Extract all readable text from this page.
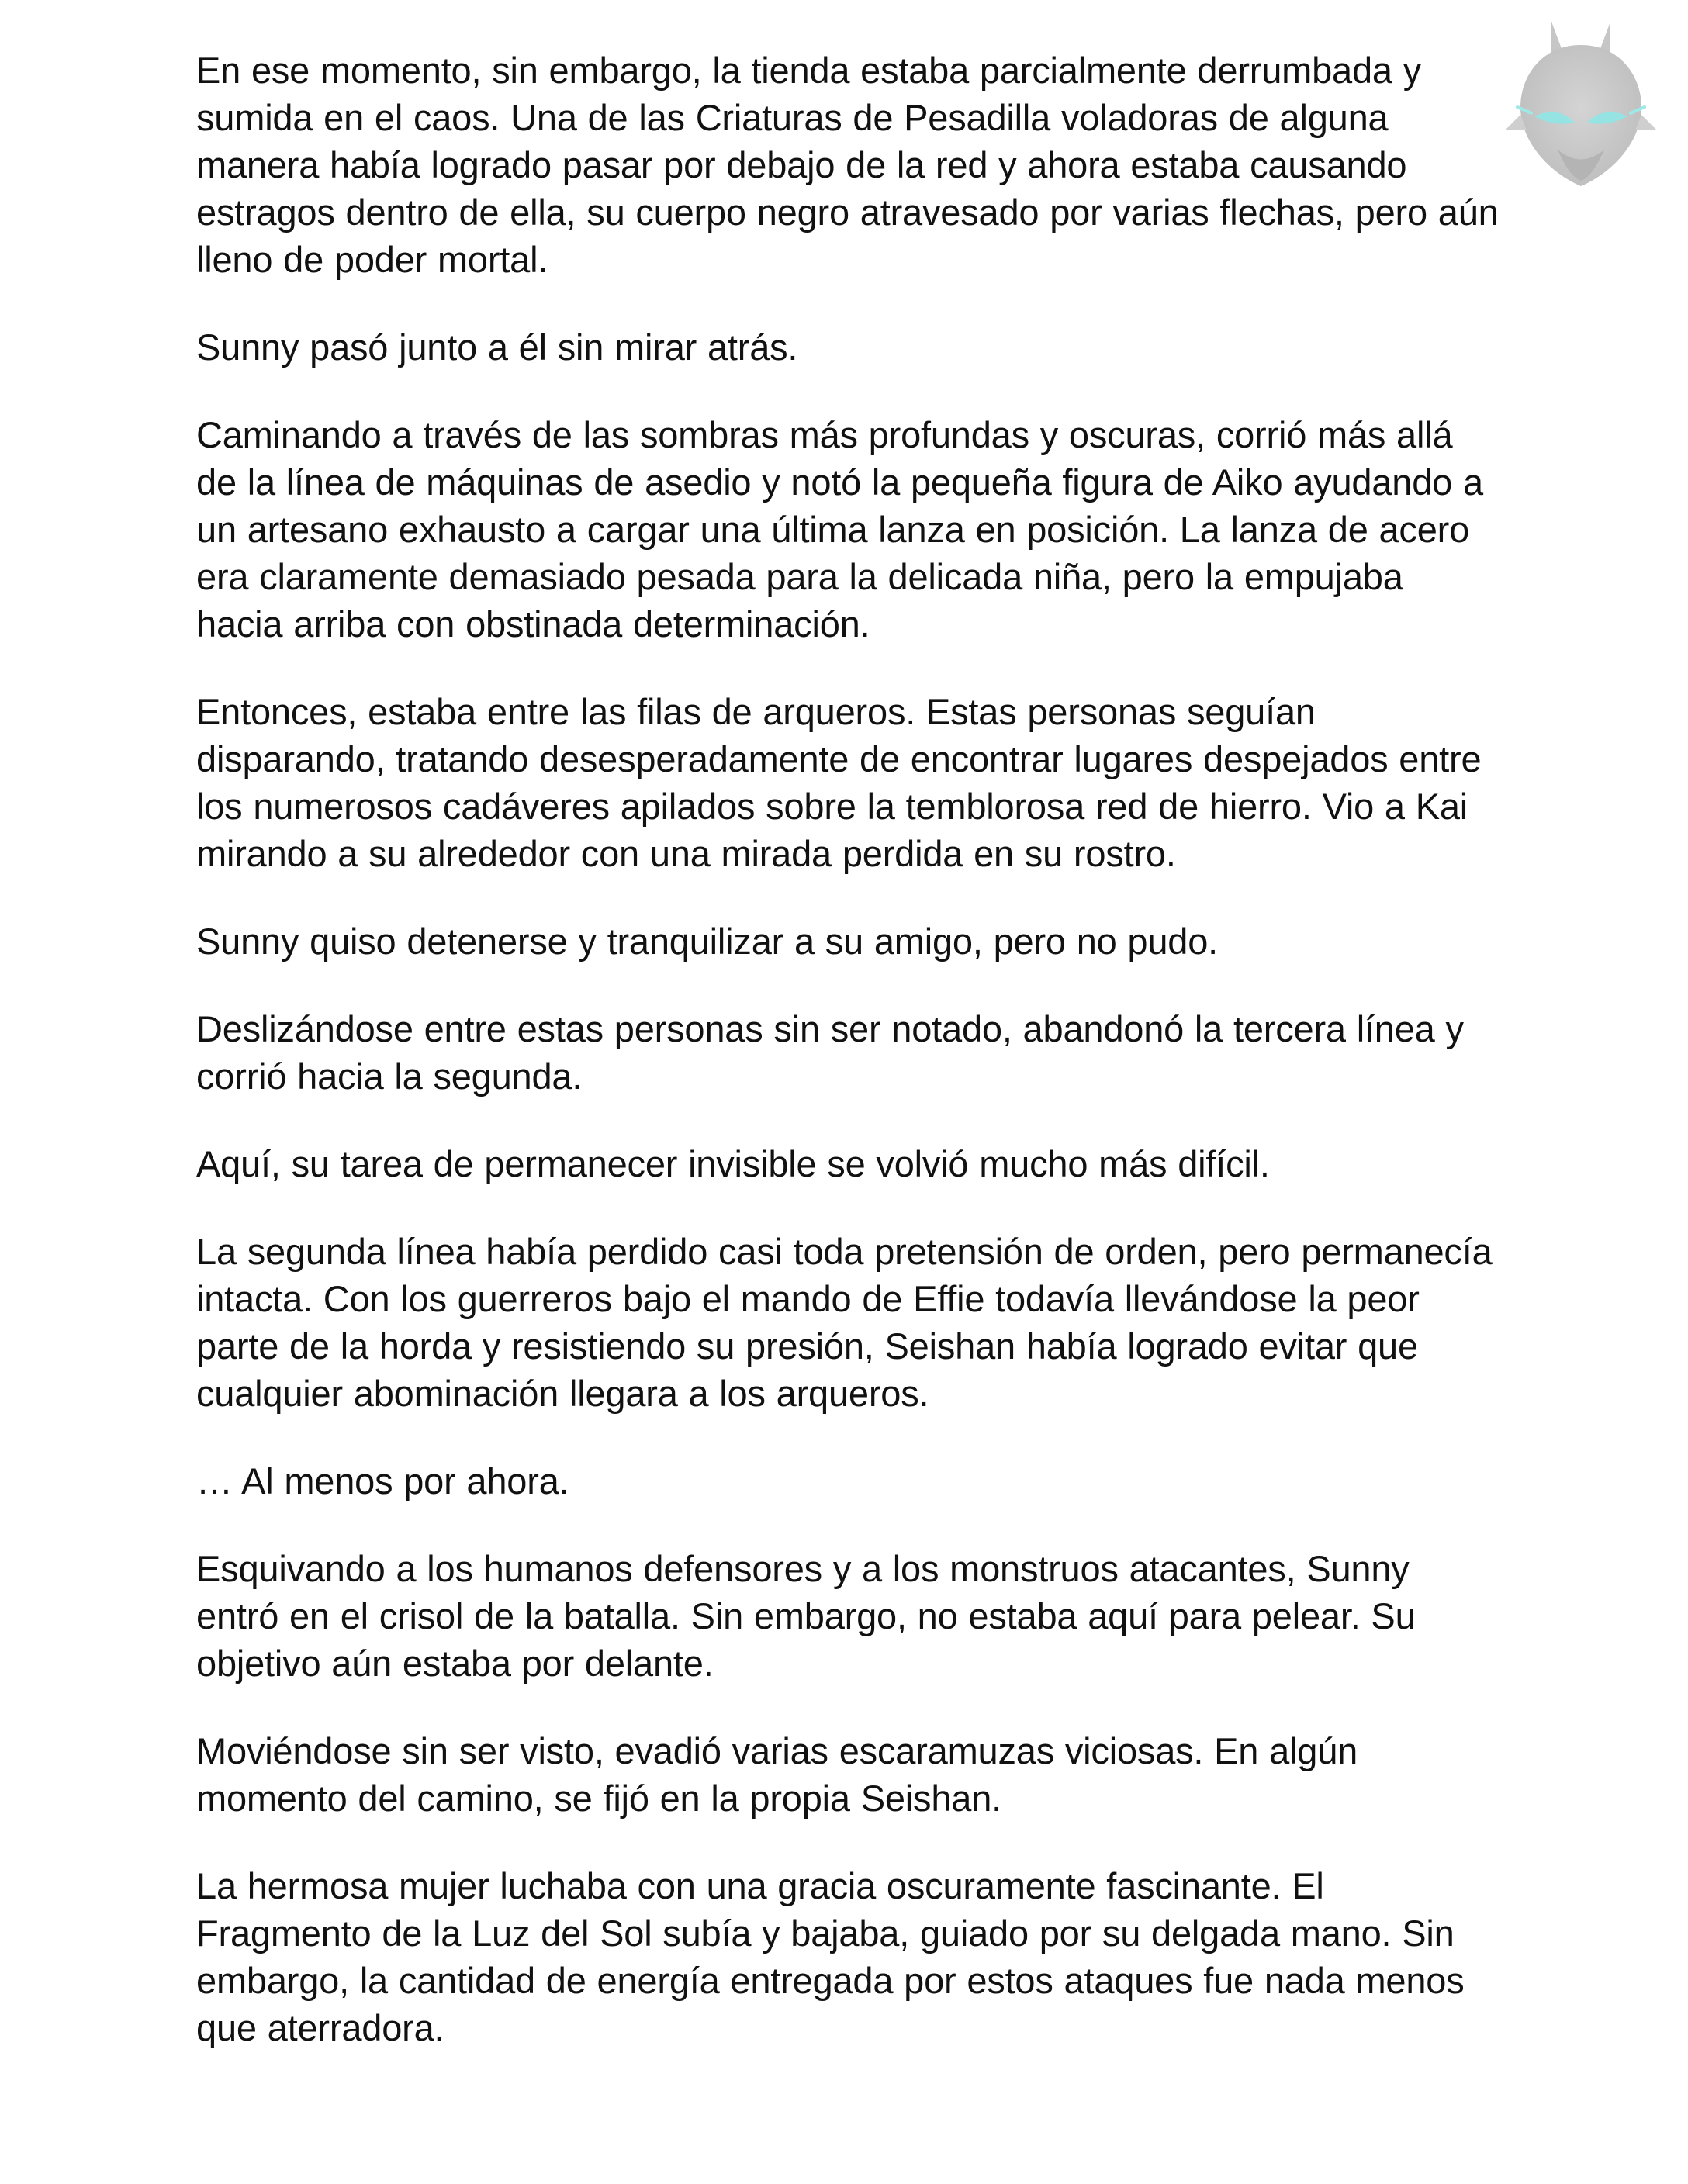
En ese momento, sin embargo, la tienda estaba parcialmente derrumbada y sumida en el caos. Una de las Criaturas de Pesadilla voladoras de alguna manera había logrado pasar por debajo de la red y ahora estaba causando estragos dentro de ella, su cuerpo negro atravesado por varias flechas, pero aún lleno de poder mortal.

Sunny pasó junto a él sin mirar atrás.

Caminando a través de las sombras más profundas y oscuras, corrió más allá de la línea de máquinas de asedio y notó la pequeña figura de Aiko ayudando a un artesano exhausto a cargar una última lanza en posición. La lanza de acero era claramente demasiado pesada para la delicada niña, pero la empujaba hacia arriba con obstinada determinación.

Entonces, estaba entre las filas de arqueros. Estas personas seguían disparando, tratando desesperadamente de encontrar lugares despejados entre los numerosos cadáveres apilados sobre la temblorosa red de hierro. Vio a Kai mirando a su alrededor con una mirada perdida en su rostro.

Sunny quiso detenerse y tranquilizar a su amigo, pero no pudo.

Deslizándose entre estas personas sin ser notado, abandonó la tercera línea y corrió hacia la segunda.

Aquí, su tarea de permanecer invisible se volvió mucho más difícil.

La segunda línea había perdido casi toda pretensión de orden, pero permanecía intacta. Con los guerreros bajo el mando de Effie todavía llevándose la peor parte de la horda y resistiendo su presión, Seishan había logrado evitar que cualquier abominación llegara a los arqueros.

… Al menos por ahora.

Esquivando a los humanos defensores y a los monstruos atacantes, Sunny entró en el crisol de la batalla. Sin embargo, no estaba aquí para pelear. Su objetivo aún estaba por delante.

Moviéndose sin ser visto, evadió varias escaramuzas viciosas. En algún momento del camino, se fijó en la propia Seishan.

La hermosa mujer luchaba con una gracia oscuramente fascinante. El Fragmento de la Luz del Sol subía y bajaba, guiado por su delgada mano. Sin embargo, la cantidad de energía entregada por estos ataques fue nada menos que aterradora.
